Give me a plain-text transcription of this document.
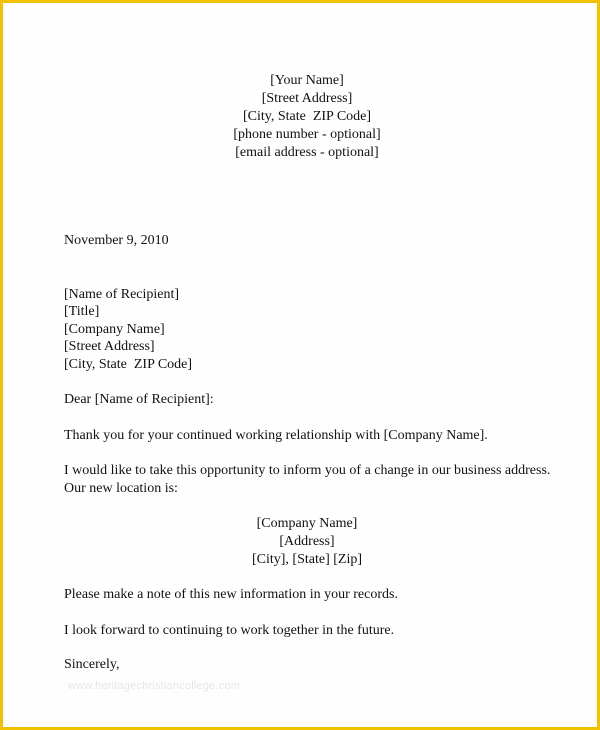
[Your Name]
[Street Address]
[City, State  ZIP Code]
[phone number - optional]
[email address - optional]
November 9, 2010
[Name of Recipient]
[Title]
[Company Name]
[Street Address]
[City, State  ZIP Code]
Dear [Name of Recipient]:
Thank you for your continued working relationship with [Company Name].
I would like to take this opportunity to inform you of a change in our business address.
Our new location is:
[Company Name]
[Address]
[City], [State] [Zip]
Please make a note of this new information in your records.
I look forward to continuing to work together in the future.
Sincerely,
www.heritagechristiancollege.com
